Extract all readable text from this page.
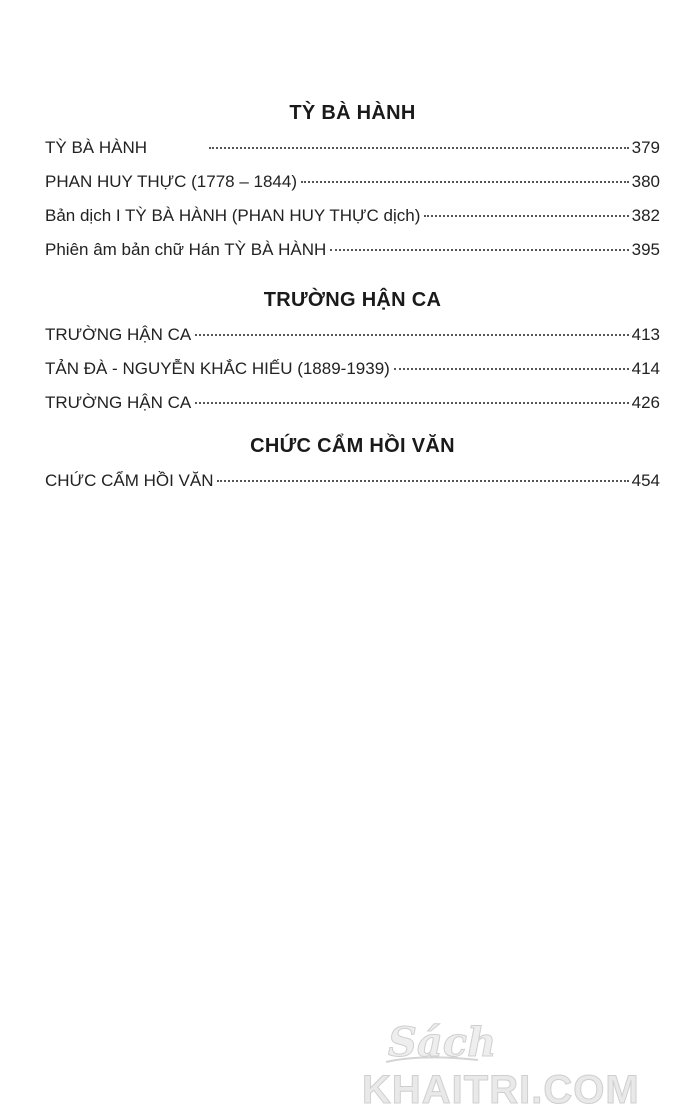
TỲ BÀ HÀNH
TỲ BÀ HÀNH	379
PHAN HUY THỰC (1778 – 1844)	380
Bản dịch I TỲ BÀ HÀNH (PHAN HUY THỰC dịch)	382
Phiên âm bản chữ Hán TỲ BÀ HÀNH	395
TRƯỜNG HẬN CA
TRƯỜNG HẬN CA	413
TẢN ĐÀ - NGUYỄN KHẮC HIẾU (1889-1939)	414
TRƯỜNG HẬN CA	426
CHỨC CẨM HỒI VĂN
CHỨC CẨM HỒI VĂN	454
Sách
KHAITRI.COM
